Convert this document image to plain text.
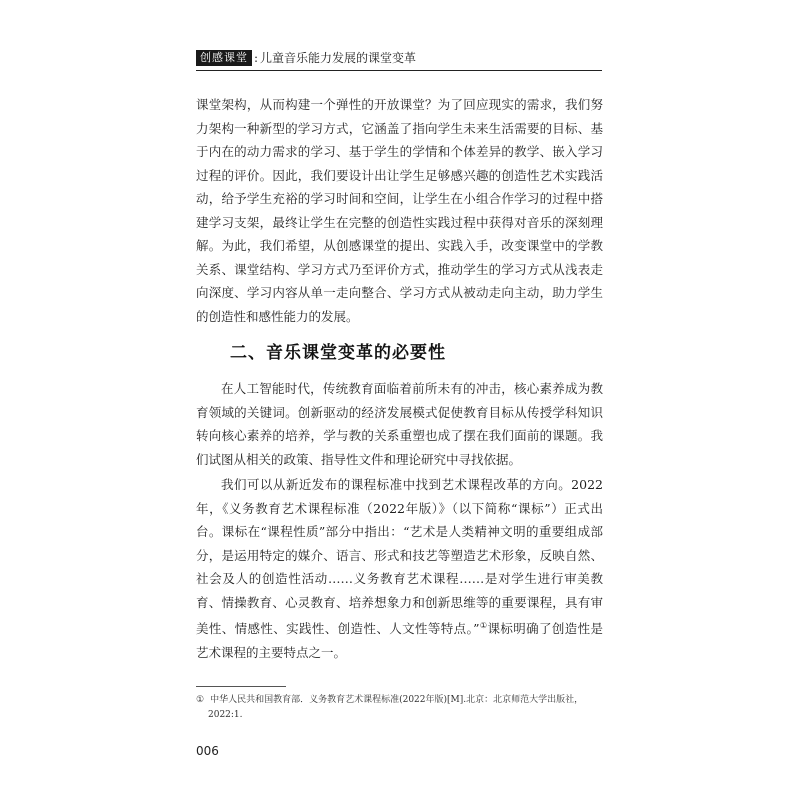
创感课堂 : 儿童音乐能力发展的课堂变革

课堂架构，从而构建一个弹性的开放课堂？为了回应现实的需求，我们努力架构一种新型的学习方式，它涵盖了指向学生未来生活需要的目标、基于内在的动力需求的学习、基于学生的学情和个体差异的教学、嵌入学习过程的评价。因此，我们要设计出让学生足够感兴趣的创造性艺术实践活动，给予学生充裕的学习时间和空间，让学生在小组合作学习的过程中搭建学习支架，最终让学生在完整的创造性实践过程中获得对音乐的深刻理解。为此，我们希望，从创感课堂的提出、实践入手，改变课堂中的学教关系、课堂结构、学习方式乃至评价方式，推动学生的学习方式从浅表走向深度、学习内容从单一走向整合、学习方式从被动走向主动，助力学生的创造性和感性能力的发展。

二、音乐课堂变革的必要性

在人工智能时代，传统教育面临着前所未有的冲击，核心素养成为教育领域的关键词。创新驱动的经济发展模式促使教育目标从传授学科知识转向核心素养的培养，学与教的关系重塑也成了摆在我们面前的课题。我们试图从相关的政策、指导性文件和理论研究中寻找依据。

我们可以从新近发布的课程标准中找到艺术课程改革的方向。2022年，《义务教育艺术课程标准（2022年版）》（以下简称“课标”）正式出台。课标在“课程性质”部分中指出：“艺术是人类精神文明的重要组成部分，是运用特定的媒介、语言、形式和技艺等塑造艺术形象，反映自然、社会及人的创造性活动……义务教育艺术课程……是对学生进行审美教育、情操教育、心灵教育、培养想象力和创新思维等的重要课程，具有审美性、情感性、实践性、创造性、人文性等特点。”①课标明确了创造性是艺术课程的主要特点之一。

① 中华人民共和国教育部．义务教育艺术课程标准(2022年版)[M].北京：北京师范大学出版社，
2022:1.
006
